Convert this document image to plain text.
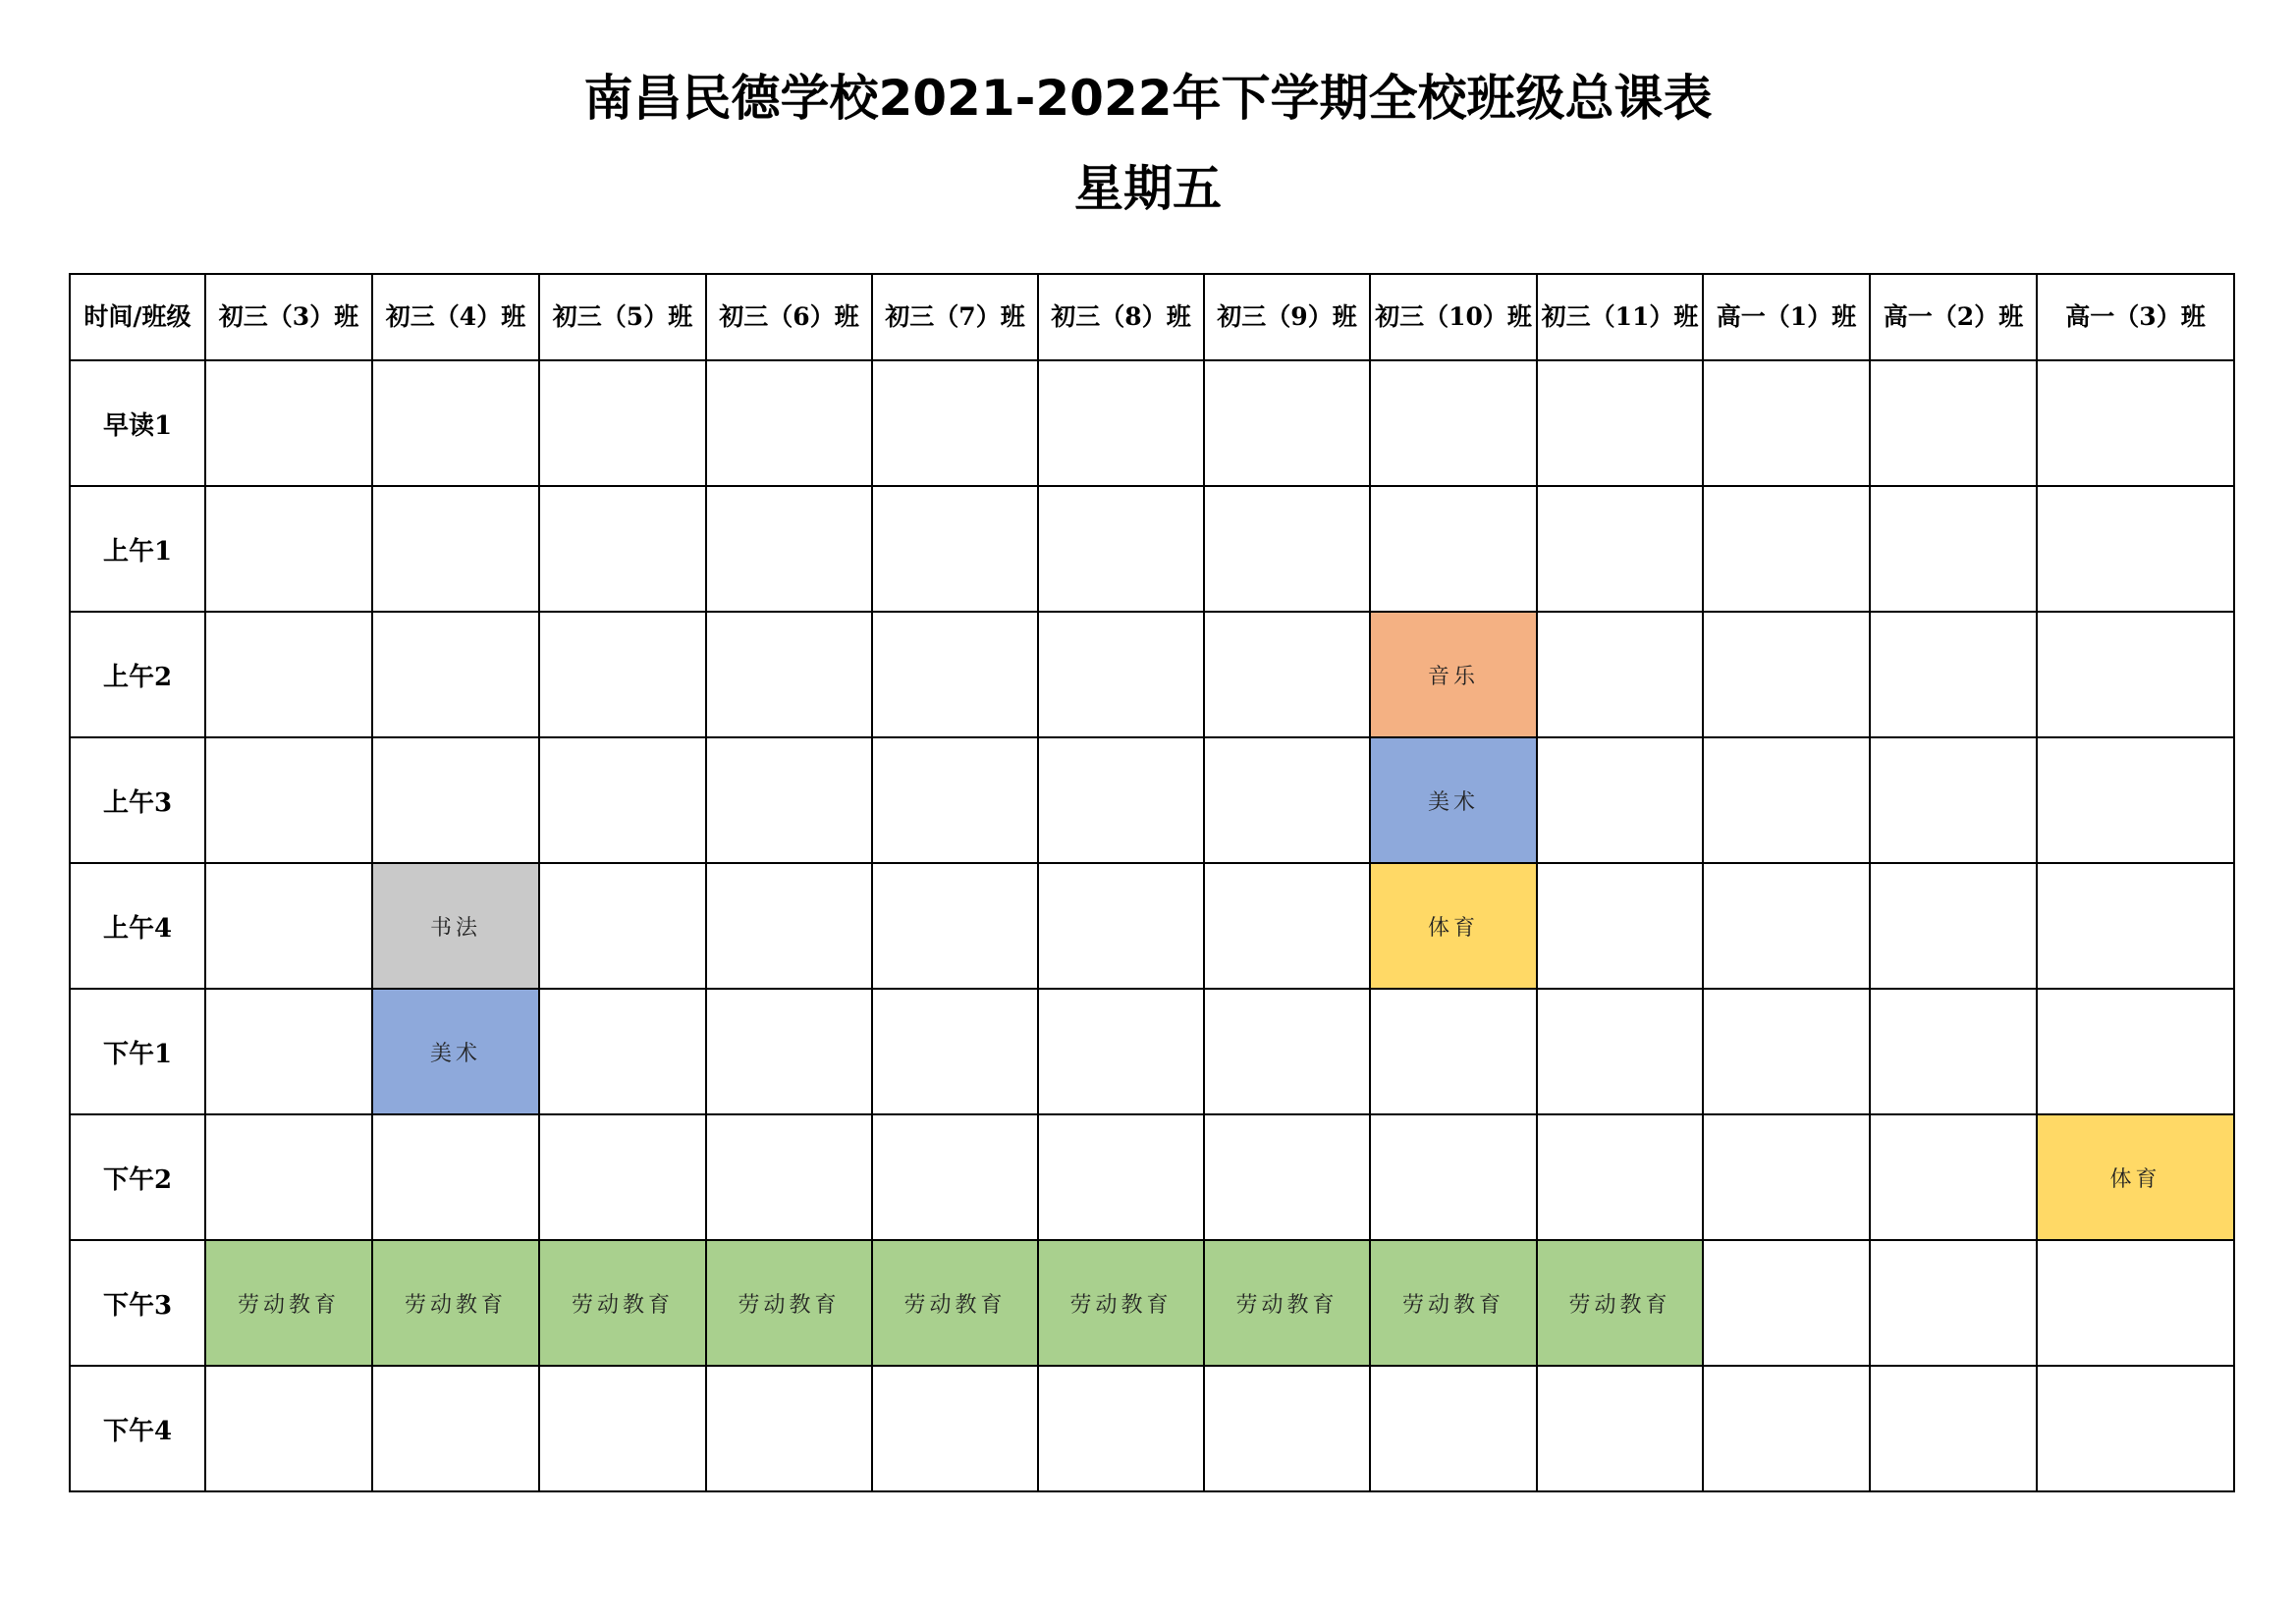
南昌民德学校2021-2022年下学期全校班级总课表
星期五
时间/班级	初三（3）班	初三（4）班	初三（5）班	初三（6）班	初三（7）班	初三（8）班	初三（9）班	初三（10）班	初三（11）班	高一（1）班	高一（2）班	高一（3）班
早读1												
上午1												
上午2								音乐				
上午3								美术				
上午4		书法						体育				
下午1		美术										
下午2												体育
下午3	劳动教育	劳动教育	劳动教育	劳动教育	劳动教育	劳动教育	劳动教育	劳动教育	劳动教育			
下午4												
